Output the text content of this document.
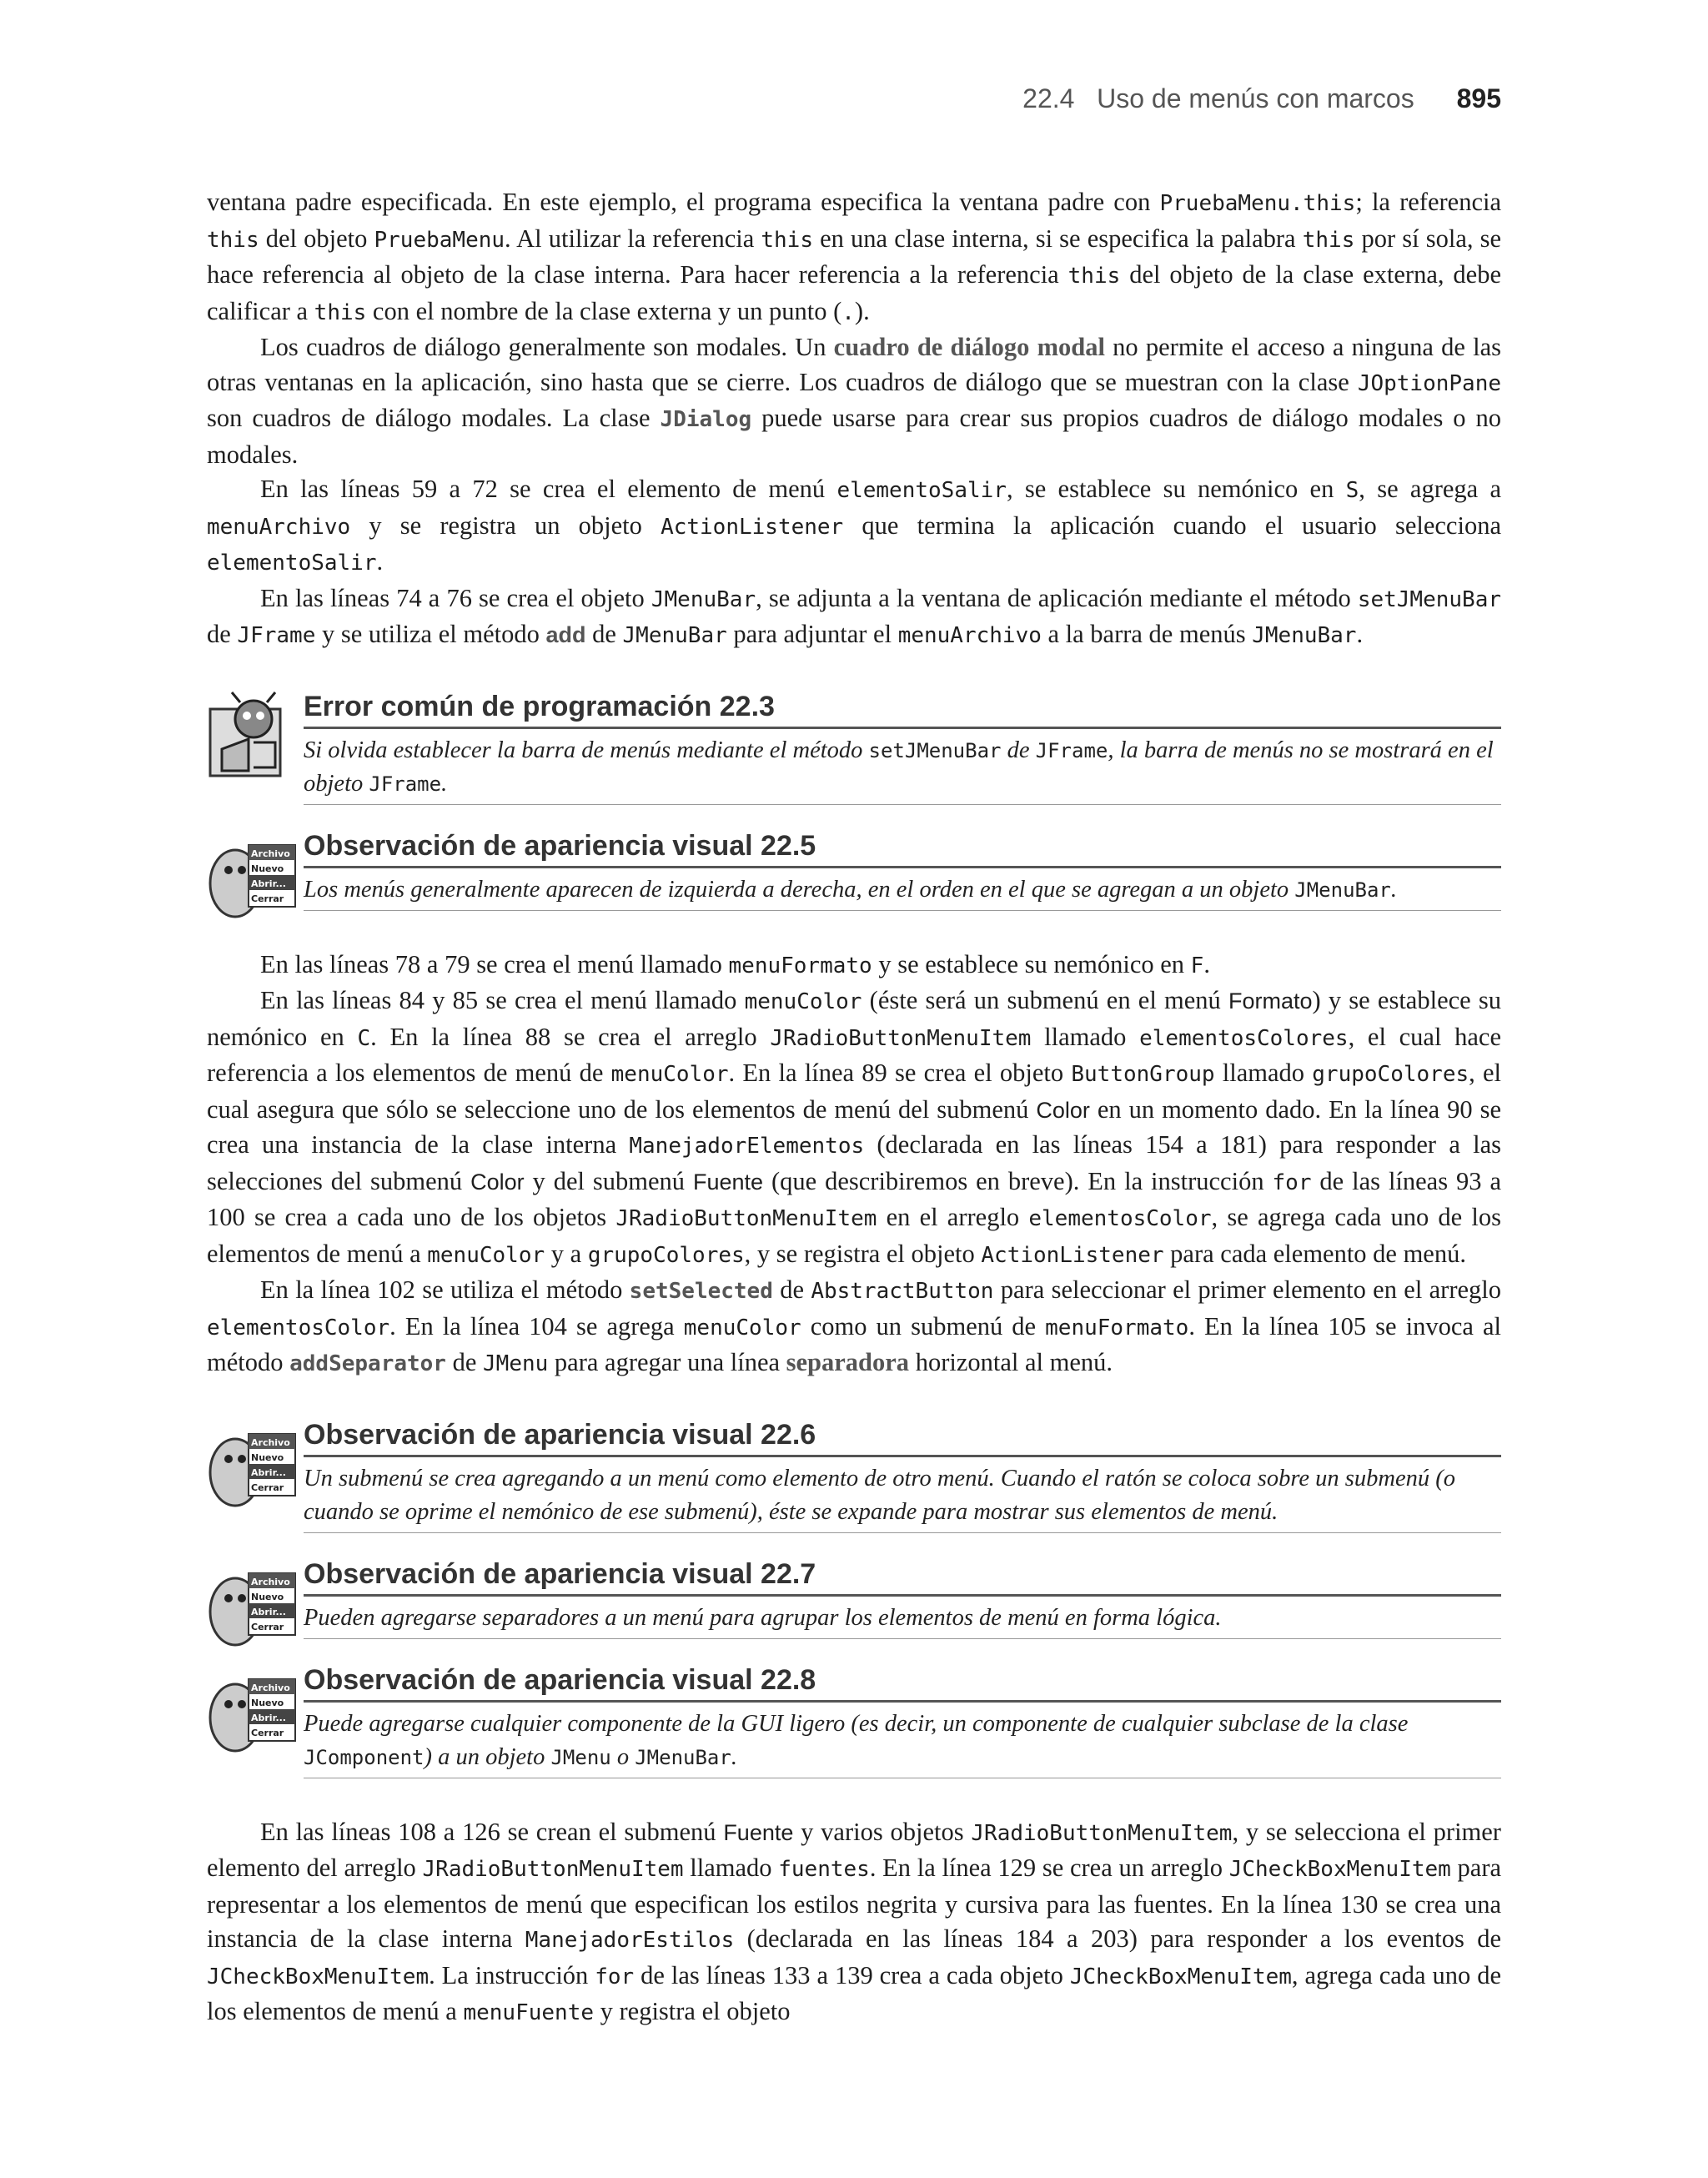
22.4 Uso de menús con marcos 895

ventana padre especificada. En este ejemplo, el programa especifica la ventana padre con PruebaMenu.this; la referencia this del objeto PruebaMenu. Al utilizar la referencia this en una clase interna, si se especifica la palabra this por sí sola, se hace referencia al objeto de la clase interna. Para hacer referencia a la referencia this del objeto de la clase externa, debe calificar a this con el nombre de la clase externa y un punto (.).

Los cuadros de diálogo generalmente son modales. Un cuadro de diálogo modal no permite el acceso a ninguna de las otras ventanas en la aplicación, sino hasta que se cierre. Los cuadros de diálogo que se muestran con la clase JOptionPane son cuadros de diálogo modales. La clase JDialog puede usarse para crear sus propios cuadros de diálogo modales o no modales.

En las líneas 59 a 72 se crea el elemento de menú elementoSalir, se establece su nemónico en S, se agrega a menuArchivo y se registra un objeto ActionListener que termina la aplicación cuando el usuario selecciona elementoSalir.

En las líneas 74 a 76 se crea el objeto JMenuBar, se adjunta a la ventana de aplicación mediante el método setJMenuBar de JFrame y se utiliza el método add de JMenuBar para adjuntar el menuArchivo a la barra de menús JMenuBar.

Error común de programación 22.3
Si olvida establecer la barra de menús mediante el método setJMenuBar de JFrame, la barra de menús no se mostrará en el objeto JFrame.
Archivo
Nuevo
Abrir...
Cerrar
Observación de apariencia visual 22.5
Los menús generalmente aparecen de izquierda a derecha, en el orden en el que se agregan a un objeto JMenuBar.

En las líneas 78 a 79 se crea el menú llamado menuFormato y se establece su nemónico en F.

En las líneas 84 y 85 se crea el menú llamado menuColor (éste será un submenú en el menú Formato) y se establece su nemónico en C. En la línea 88 se crea el arreglo JRadioButtonMenuItem llamado elementosColores, el cual hace referencia a los elementos de menú de menuColor. En la línea 89 se crea el objeto ButtonGroup llamado grupoColores, el cual asegura que sólo se seleccione uno de los elementos de menú del submenú Color en un momento dado. En la línea 90 se crea una instancia de la clase interna ManejadorElementos (declarada en las líneas 154 a 181) para responder a las selecciones del submenú Color y del submenú Fuente (que describiremos en breve). En la instrucción for de las líneas 93 a 100 se crea a cada uno de los objetos JRadioButtonMenuItem en el arreglo elementosColor, se agrega cada uno de los elementos de menú a menuColor y a grupoColores, y se registra el objeto ActionListener para cada elemento de menú.

En la línea 102 se utiliza el método setSelected de AbstractButton para seleccionar el primer elemento en el arreglo elementosColor. En la línea 104 se agrega menuColor como un submenú de menuFormato. En la línea 105 se invoca al método addSeparator de JMenu para agregar una línea separadora horizontal al menú.

Archivo
Nuevo
Abrir...
Cerrar
Observación de apariencia visual 22.6
Un submenú se crea agregando a un menú como elemento de otro menú. Cuando el ratón se coloca sobre un submenú (o cuando se oprime el nemónico de ese submenú), éste se expande para mostrar sus elementos de menú.
Archivo
Nuevo
Abrir...
Cerrar
Observación de apariencia visual 22.7
Pueden agregarse separadores a un menú para agrupar los elementos de menú en forma lógica.
Archivo
Nuevo
Abrir...
Cerrar
Observación de apariencia visual 22.8
Puede agregarse cualquier componente de la GUI ligero (es decir, un componente de cualquier subclase de la clase JComponent) a un objeto JMenu o JMenuBar.

En las líneas 108 a 126 se crean el submenú Fuente y varios objetos JRadioButtonMenuItem, y se selecciona el primer elemento del arreglo JRadioButtonMenuItem llamado fuentes. En la línea 129 se crea un arreglo JCheckBoxMenuItem para representar a los elementos de menú que especifican los estilos negrita y cursiva para las fuentes. En la línea 130 se crea una instancia de la clase interna ManejadorEstilos (declarada en las líneas 184 a 203) para responder a los eventos de JCheckBoxMenuItem. La instrucción for de las líneas 133 a 139 crea a cada objeto JCheckBoxMenuItem, agrega cada uno de los elementos de menú a menuFuente y registra el objeto
